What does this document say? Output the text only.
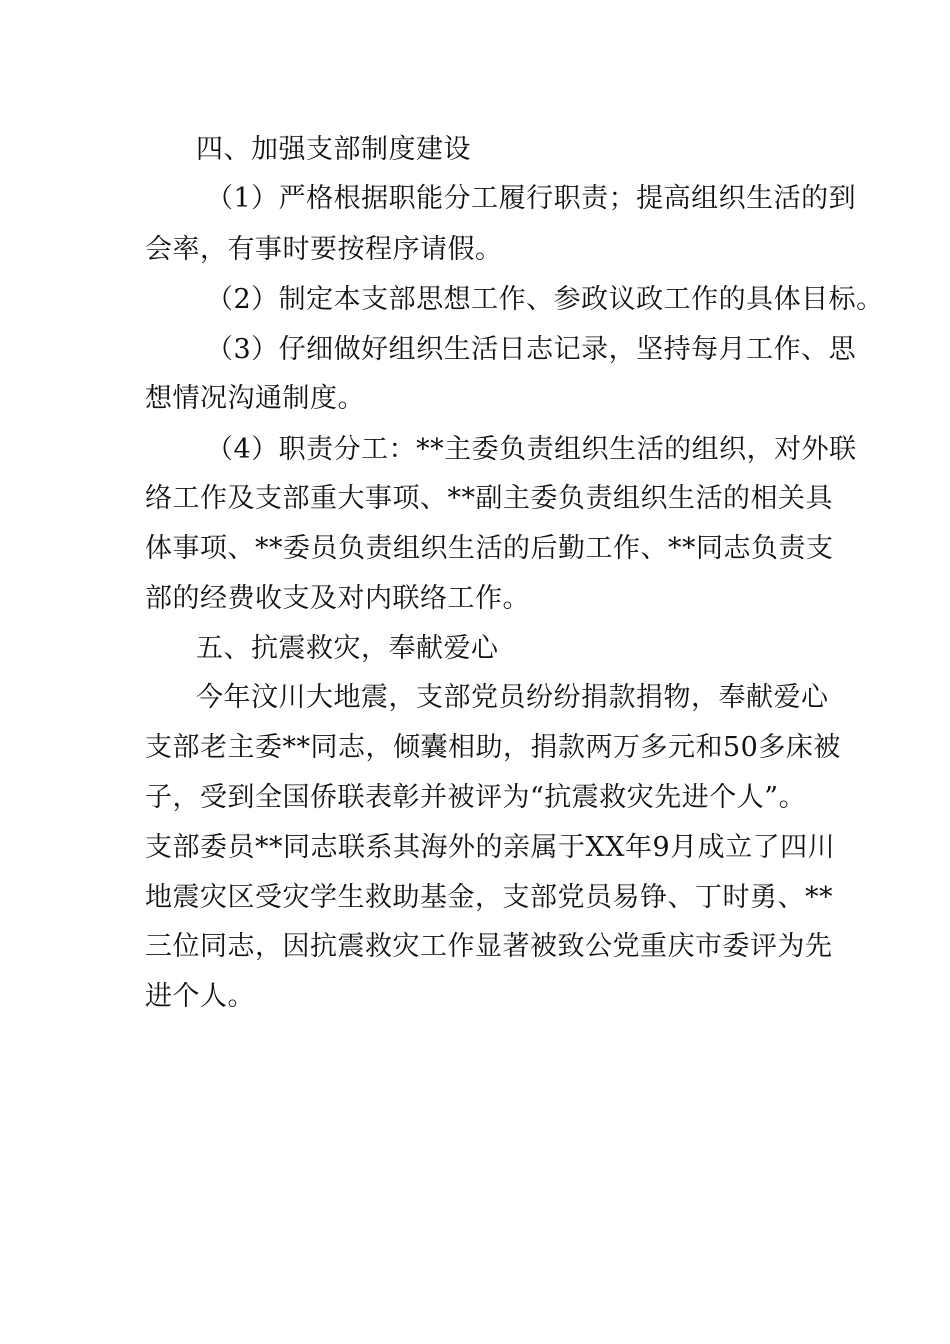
四、加强支部制度建设
（1）严格根据职能分工履行职责；提高组织生活的到
会率，有事时要按程序请假。
（2）制定本支部思想工作、参政议政工作的具体目标。
（3）仔细做好组织生活日志记录，坚持每月工作、思
想情况沟通制度。
（4）职责分工：**主委负责组织生活的组织，对外联
络工作及支部重大事项、**副主委负责组织生活的相关具
体事项、**委员负责组织生活的后勤工作、**同志负责支
部的经费收支及对内联络工作。
五、抗震救灾，奉献爱心
今年汶川大地震，支部党员纷纷捐款捐物，奉献爱心
支部老主委**同志，倾囊相助，捐款两万多元和50多床被
子，受到全国侨联表彰并被评为“抗震救灾先进个人”。
支部委员**同志联系其海外的亲属于XX年9月成立了四川
地震灾区受灾学生救助基金，支部党员易铮、丁时勇、**
三位同志，因抗震救灾工作显著被致公党重庆市委评为先
进个人。
